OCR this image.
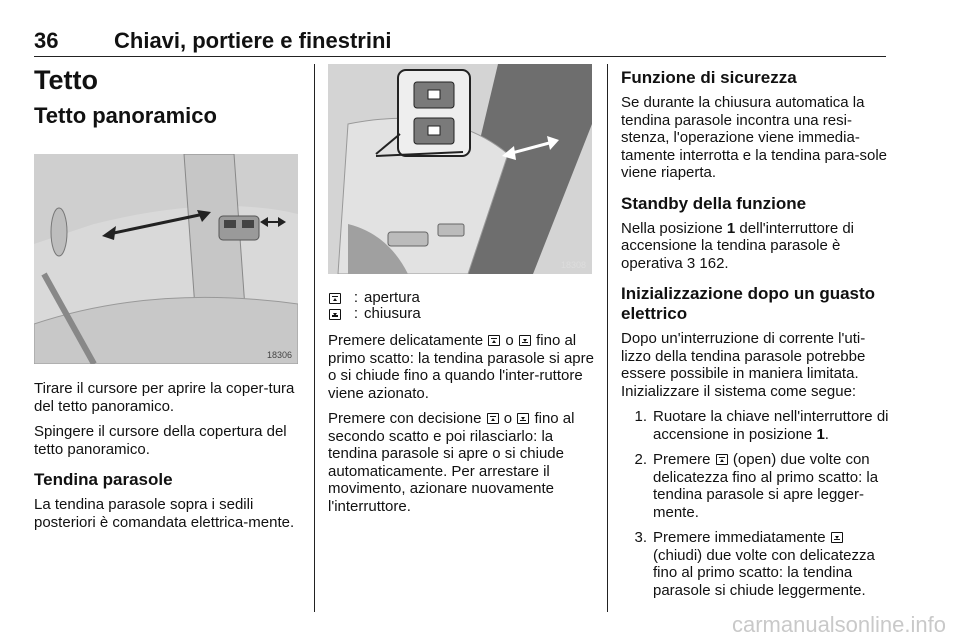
36	Chiavi, portiere e finestrini
Tetto
Tetto panoramico
18306

Tirare il cursore per aprire la coper-tura del tetto panoramico.

Spingere il cursore della copertura del tetto panoramico.

Tendina parasole

La tendina parasole sopra i sedili posteriori è comandata elettrica-mente.

18308
: apertura
: chiusura

Premere delicatamente o fino al primo scatto: la tendina parasole si apre o si chiude fino a quando l'inter-ruttore viene azionato.

Premere con decisione o fino al secondo scatto e poi rilasciarlo: la tendina parasole si apre o si chiude automaticamente. Per arrestare il movimento, azionare nuovamente l'interruttore.

Funzione di sicurezza

Se durante la chiusura automatica la tendina parasole incontra una resi-stenza, l'operazione viene immedia-tamente interrotta e la tendina para-sole viene riaperta.

Standby della funzione

Nella posizione 1 dell'interruttore di accensione la tendina parasole è operativa 3 162.

Inizializzazione dopo un guasto elettrico

Dopo un'interruzione di corrente l'uti-lizzo della tendina parasole potrebbe essere possibile in maniera limitata. Inizializzare il sistema come segue:

1. Ruotare la chiave nell'interruttore di accensione in posizione 1.
2. Premere (open) due volte con delicatezza fino al primo scatto: la tendina parasole si apre legger-mente.
3. Premere immediatamente
(chiudi) due volte con delicatezza fino al primo scatto: la tendina parasole si chiude leggermente.
carmanualsonline.info
